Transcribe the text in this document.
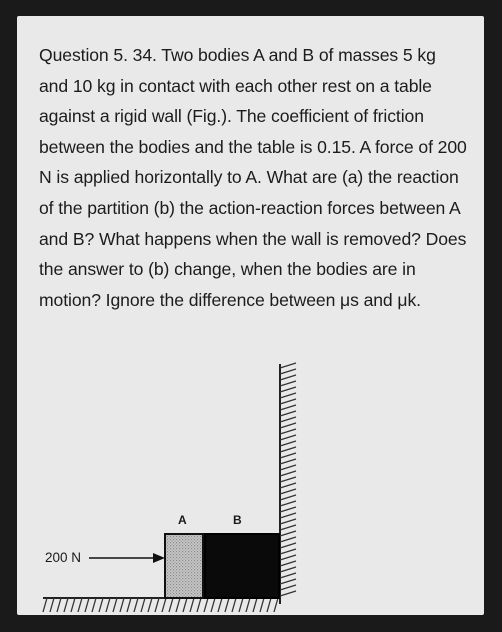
Question 5. 34. Two bodies A and B of masses 5 kg and 10 kg in contact with each other rest on a table against a rigid wall (Fig.). The coefficient of friction between the bodies and the table is 0.15. A force of 200 N is applied horizontally to A. What are (a) the reaction of the partition (b) the action-reaction forces between A and B? What happens when the wall is removed? Does the answer to (b) change, when the bodies are in motion? Ignore the difference between μs and μk.

A	B
200 N
